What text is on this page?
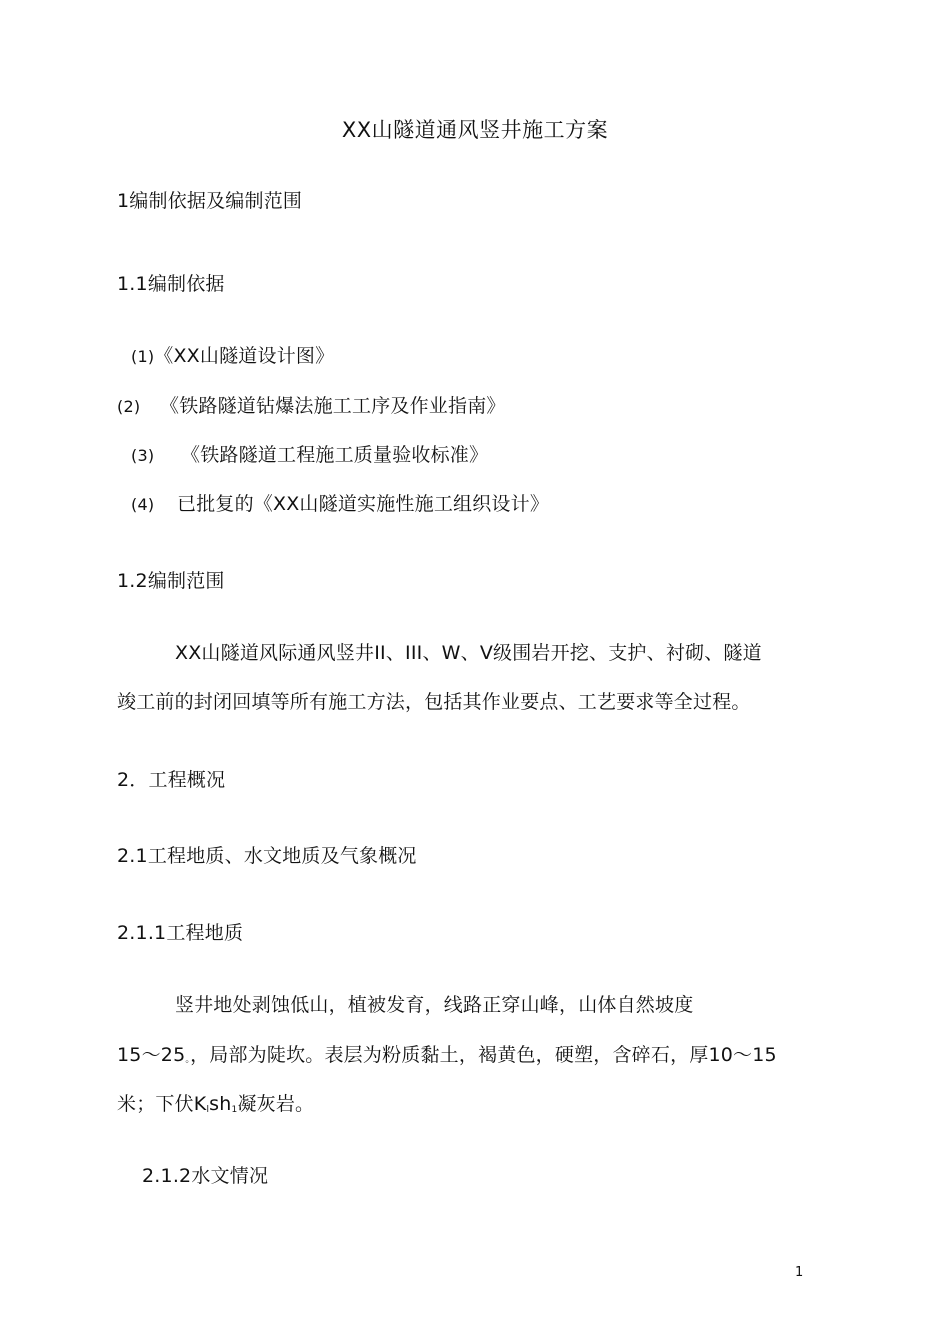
XX山隧道通风竖井施工方案
1编制依据及编制范围
1.1编制依据
(1)《XX山隧道设计图》
(2) 《铁路隧道钻爆法施工工序及作业指南》
(3) 《铁路隧道工程施工质量验收标准》
(4) 已批复的《XX山隧道实施性施工组织设计》
1.2编制范围
XX山隧道风际通风竖井II、III、W、V级围岩开挖、支护、衬砌、隧道
竣工前的封闭回填等所有施工方法，包括其作业要点、工艺要求等全过程。
2．工程概况
2.1工程地质、水文地质及气象概况
2.1.1工程地质
竖井地处剥蚀低山，植被发育，线路正穿山峰，山体自然坡度
15〜25。，局部为陡坎。表层为粉质黏土，褐黄色，硬塑，含碎石，厚10〜15
米；下伏$K_lsh_1$凝灰岩。
2.1.2水文情况
1
